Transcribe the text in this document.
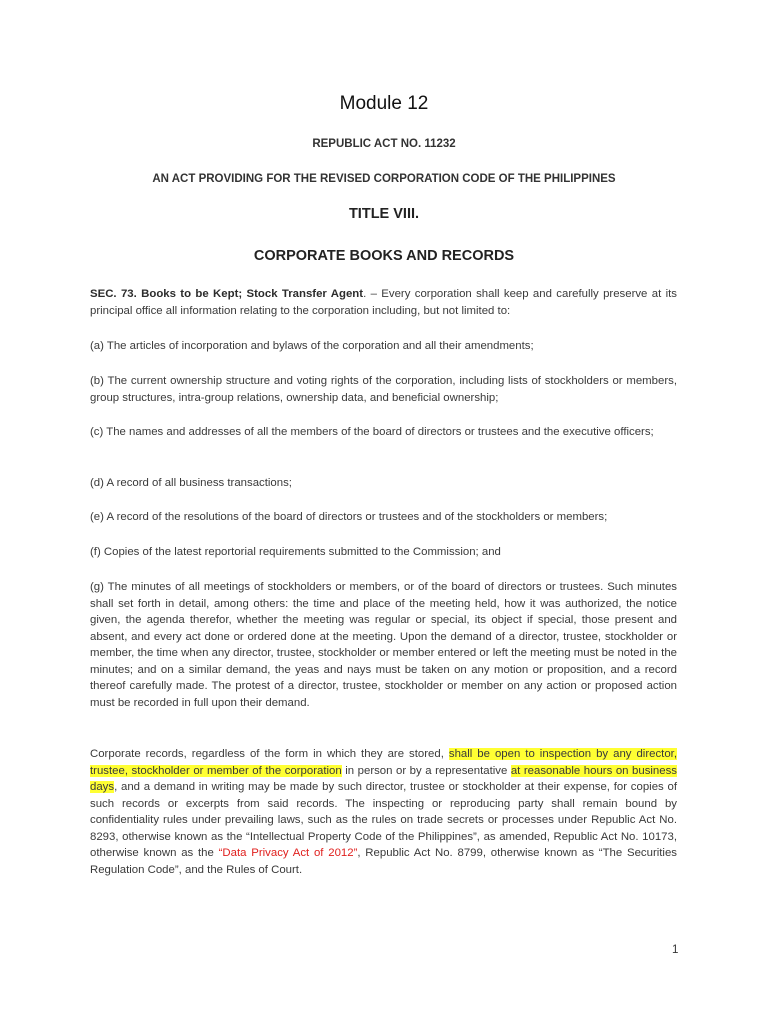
Module 12
REPUBLIC ACT NO. 11232
AN ACT PROVIDING FOR THE REVISED CORPORATION CODE OF THE PHILIPPINES
TITLE VIII.
CORPORATE BOOKS AND RECORDS
SEC. 73. Books to be Kept; Stock Transfer Agent. – Every corporation shall keep and carefully preserve at its principal office all information relating to the corporation including, but not limited to:
(a) The articles of incorporation and bylaws of the corporation and all their amendments;
(b) The current ownership structure and voting rights of the corporation, including lists of stockholders or members, group structures, intra-group relations, ownership data, and beneficial ownership;
(c) The names and addresses of all the members of the board of directors or trustees and the executive officers;
(d) A record of all business transactions;
(e) A record of the resolutions of the board of directors or trustees and of the stockholders or members;
(f) Copies of the latest reportorial requirements submitted to the Commission; and
(g) The minutes of all meetings of stockholders or members, or of the board of directors or trustees. Such minutes shall set forth in detail, among others: the time and place of the meeting held, how it was authorized, the notice given, the agenda therefor, whether the meeting was regular or special, its object if special, those present and absent, and every act done or ordered done at the meeting. Upon the demand of a director, trustee, stockholder or member, the time when any director, trustee, stockholder or member entered or left the meeting must be noted in the minutes; and on a similar demand, the yeas and nays must be taken on any motion or proposition, and a record thereof carefully made. The protest of a director, trustee, stockholder or member on any action or proposed action must be recorded in full upon their demand.
Corporate records, regardless of the form in which they are stored, shall be open to inspection by any director, trustee, stockholder or member of the corporation in person or by a representative at reasonable hours on business days, and a demand in writing may be made by such director, trustee or stockholder at their expense, for copies of such records or excerpts from said records. The inspecting or reproducing party shall remain bound by confidentiality rules under prevailing laws, such as the rules on trade secrets or processes under Republic Act No. 8293, otherwise known as the “Intellectual Property Code of the Philippines”, as amended, Republic Act No. 10173, otherwise known as the “Data Privacy Act of 2012”, Republic Act No. 8799, otherwise known as “The Securities Regulation Code”, and the Rules of Court.
1
